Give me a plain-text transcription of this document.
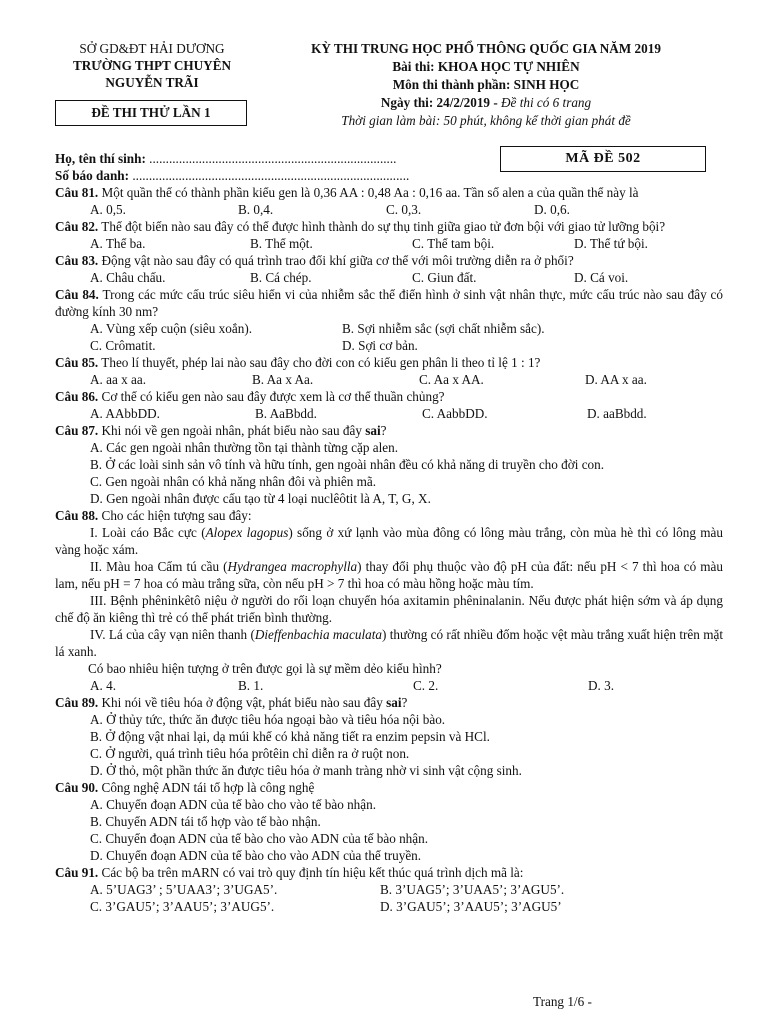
SỞ GD&ĐT HẢI DƯƠNG
TRƯỜNG THPT CHUYÊN
NGUYỄN TRÃI
ĐỀ THI THỬ LẦN 1
KỲ THI TRUNG HỌC PHỔ THÔNG QUỐC GIA NĂM 2019
Bài thi: KHOA HỌC TỰ NHIÊN
Môn thi thành phần: SINH HỌC
Ngày thi: 24/2/2019 - Đề thi có 6 trang
Thời gian làm bài: 50 phút, không kể thời gian phát đề
MÃ ĐỀ 502
Họ, tên thí sinh: ...........................................................................
Số báo danh: ....................................................................................
Câu 81. Một quần thể có thành phần kiểu gen là 0,36 AA : 0,48 Aa : 0,16 aa. Tần số alen a của quần thể này là
A. 0,5.	B. 0,4.	C. 0,3.	D. 0,6.
Câu 82. Thể đột biến nào sau đây có thể được hình thành do sự thụ tinh giữa giao tử đơn bội với giao tử lưỡng bội?
A. Thể ba.	B. Thể một.	C. Thể tam bội.	D. Thể tứ bội.
Câu 83. Động vật nào sau đây có quá trình trao đổi khí giữa cơ thể với môi trường diễn ra ở phổi?
A. Châu chấu.	B. Cá chép.	C. Giun đất.	D. Cá voi.
Câu 84. Trong các mức cấu trúc siêu hiển vi của nhiễm sắc thể điển hình ở sinh vật nhân thực, mức cấu trúc nào sau đây có đường kính 30 nm?
A. Vùng xếp cuộn (siêu xoắn).	B. Sợi nhiễm sắc (sợi chất nhiễm sắc).
C. Crômatit.	D. Sợi cơ bản.
Câu 85. Theo lí thuyết, phép lai nào sau đây cho đời con có kiểu gen phân li theo tỉ lệ 1 : 1?
A. aa x aa.	B. Aa x Aa.	C. Aa x AA.	D. AA x aa.
Câu 86. Cơ thể có kiểu gen nào sau đây được xem là cơ thể thuần chủng?
A. AAbbDD.	B. AaBbdd.	C. AabbDD.	D. aaBbdd.
Câu 87. Khi nói về gen ngoài nhân, phát biểu nào sau đây sai?
A. Các gen ngoài nhân thường tồn tại thành từng cặp alen.
B. Ở các loài sinh sản vô tính và hữu tính, gen ngoài nhân đều có khả năng di truyền cho đời con.
C. Gen ngoài nhân có khả năng nhân đôi và phiên mã.
D. Gen ngoài nhân được cấu tạo từ 4 loại nuclêôtit là A, T, G, X.
Câu 88. Cho các hiện tượng sau đây:
I. Loài cáo Bắc cực (Alopex lagopus) sống ở xứ lạnh vào mùa đông có lông màu trắng, còn mùa hè thì có lông màu vàng hoặc xám.
II. Màu hoa Cẩm tú cầu (Hydrangea macrophylla) thay đổi phụ thuộc vào độ pH của đất: nếu pH < 7 thì hoa có màu lam, nếu pH = 7 hoa có màu trắng sữa, còn nếu pH > 7 thì hoa có màu hồng hoặc màu tím.
III. Bệnh phêninkêtô niệu ở người do rối loạn chuyển hóa axitamin phêninalanin. Nếu được phát hiện sớm và áp dụng chế độ ăn kiêng thì trẻ có thể phát triển bình thường.
IV. Lá của cây vạn niên thanh (Dieffenbachia maculata) thường có rất nhiều đốm hoặc vệt màu trắng xuất hiện trên mặt lá xanh.
Có bao nhiêu hiện tượng ở trên được gọi là sự mềm dẻo kiểu hình?
A. 4.	B. 1.	C. 2.	D. 3.
Câu 89. Khi nói về tiêu hóa ở động vật, phát biểu nào sau đây sai?
A. Ở thủy tức, thức ăn được tiêu hóa ngoại bào và tiêu hóa nội bào.
B. Ở động vật nhai lại, dạ múi khế có khả năng tiết ra enzim pepsin và HCl.
C. Ở người, quá trình tiêu hóa prôtêin chỉ diễn ra ở ruột non.
D. Ở thỏ, một phần thức ăn được tiêu hóa ở manh tràng nhờ vi sinh vật cộng sinh.
Câu 90. Công nghệ ADN tái tổ hợp là công nghệ
A. Chuyển đoạn ADN của tế bào cho vào tế bào nhận.
B. Chuyển ADN tái tổ hợp vào tế bào nhận.
C. Chuyển đoạn ADN của tế bào cho vào ADN của tế bào nhận.
D. Chuyển đoạn ADN của tế bào cho vào ADN của thể truyền.
Câu 91. Các bộ ba trên mARN có vai trò quy định tín hiệu kết thúc quá trình dịch mã là:
A. 5’UAG3’ ; 5’UAA3’; 3’UGA5’.	B. 3’UAG5’; 3’UAA5’; 3’AGU5’.
C. 3’GAU5’; 3’AAU5’; 3’AUG5’.	D. 3’GAU5’; 3’AAU5’; 3’AGU5’
Trang 1/6 -
